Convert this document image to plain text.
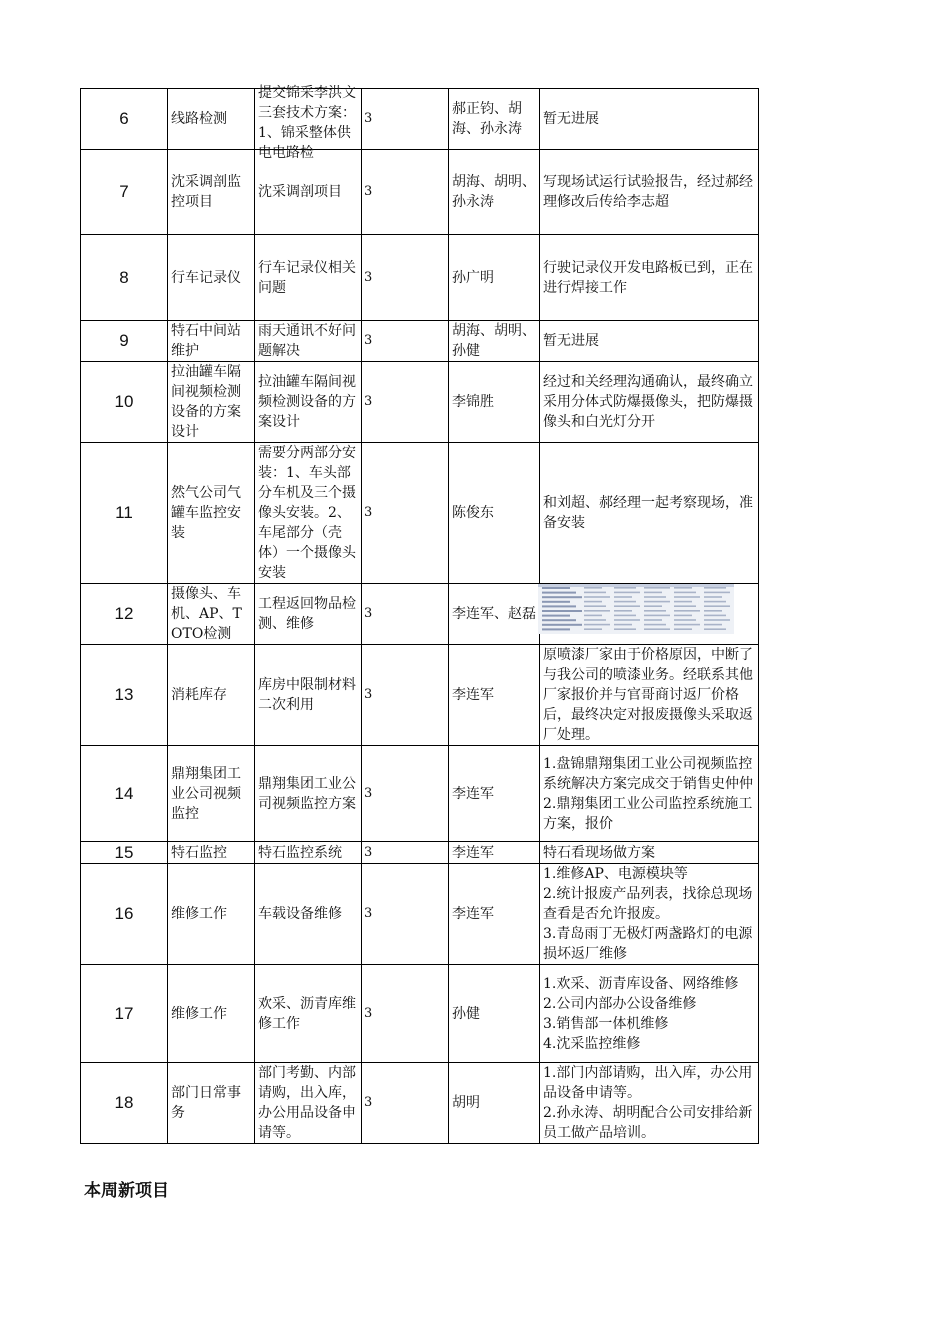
6	线路检测	提交锦采李洪文三套技术方案：1、锦采整体供电电路检	3	郝正钧、胡海、孙永涛	暂无进展

7	沈采调剖监控项目	沈采调剖项目	3	胡海、胡明、孙永涛	写现场试运行试验报告，经过郝经理修改后传给李志超

8	行车记录仪	行车记录仪相关问题	3	孙广明	行驶记录仪开发电路板已到，正在进行焊接工作

9	特石中间站维护	雨天通讯不好问题解决	3	胡海、胡明、孙健	暂无进展

10	拉油罐车隔间视频检测设备的方案设计	拉油罐车隔间视频检测设备的方案设计	3	李锦胜	经过和关经理沟通确认，最终确立采用分体式防爆摄像头，把防爆摄像头和白光灯分开

11	然气公司气罐车监控安装	需要分两部分安装：1、车头部分车机及三个摄像头安装。2、车尾部分（壳体）一个摄像头安装	3	陈俊东	和刘超、郝经理一起考察现场，准备安装

12	摄像头、车机、AP、TOTO检测	工程返回物品检测、维修	3	李连军、赵磊

13	消耗库存	库房中限制材料二次利用	3	李连军	原喷漆厂家由于价格原因，中断了与我公司的喷漆业务。经联系其他厂家报价并与官哥商讨返厂价格后，最终决定对报废摄像头采取返厂处理。

14	鼎翔集团工业公司视频监控	鼎翔集团工业公司视频监控方案	3	李连军	1.盘锦鼎翔集团工业公司视频监控系统解决方案完成交于销售史仲仲
2.鼎翔集团工业公司监控系统施工方案，报价

15	特石监控	特石监控系统	3	李连军	特石看现场做方案

16	维修工作	车载设备维修	3	李连军	1.维修AP、电源模块等
2.统计报废产品列表，找徐总现场查看是否允许报废。
3.青岛雨丁无极灯两盏路灯的电源损坏返厂维修

17	维修工作	欢采、沥青库维修工作	3	孙健	1.欢采、沥青库设备、网络维修
2.公司内部办公设备维修
3.销售部一体机维修
4.沈采监控维修

18	部门日常事务	部门考勤、内部请购，出入库，办公用品设备申请等。	3	胡明	1.部门内部请购，出入库，办公用品设备申请等。
2.孙永涛、胡明配合公司安排给新员工做产品培训。
本周新项目
